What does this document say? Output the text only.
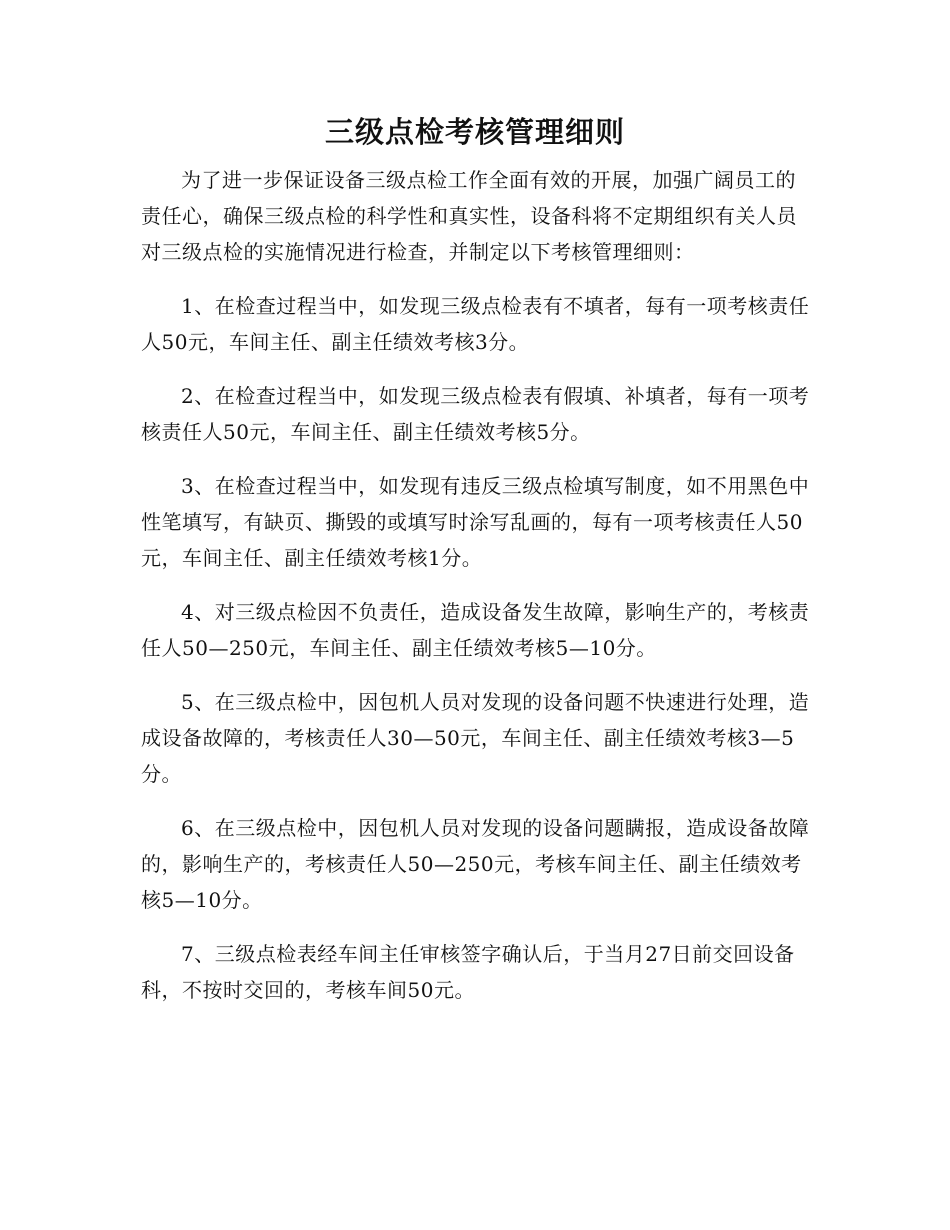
三级点检考核管理细则

为了进一步保证设备三级点检工作全面有效的开展，加强广阔员工的责任心，确保三级点检的科学性和真实性，设备科将不定期组织有关人员对三级点检的实施情况进行检查，并制定以下考核管理细则：

1、在检查过程当中，如发现三级点检表有不填者，每有一项考核责任人50元，车间主任、副主任绩效考核3分。

2、在检查过程当中，如发现三级点检表有假填、补填者，每有一项考核责任人50元，车间主任、副主任绩效考核5分。

3、在检查过程当中，如发现有违反三级点检填写制度，如不用黑色中性笔填写，有缺页、撕毁的或填写时涂写乱画的，每有一项考核责任人50元，车间主任、副主任绩效考核1分。

4、对三级点检因不负责任，造成设备发生故障，影响生产的，考核责任人50—250元，车间主任、副主任绩效考核5—10分。

5、在三级点检中，因包机人员对发现的设备问题不快速进行处理，造成设备故障的，考核责任人30—50元，车间主任、副主任绩效考核3—5分。

6、在三级点检中，因包机人员对发现的设备问题瞒报，造成设备故障的，影响生产的，考核责任人50—250元，考核车间主任、副主任绩效考核5—10分。

7、三级点检表经车间主任审核签字确认后，于当月27日前交回设备科，不按时交回的，考核车间50元。
